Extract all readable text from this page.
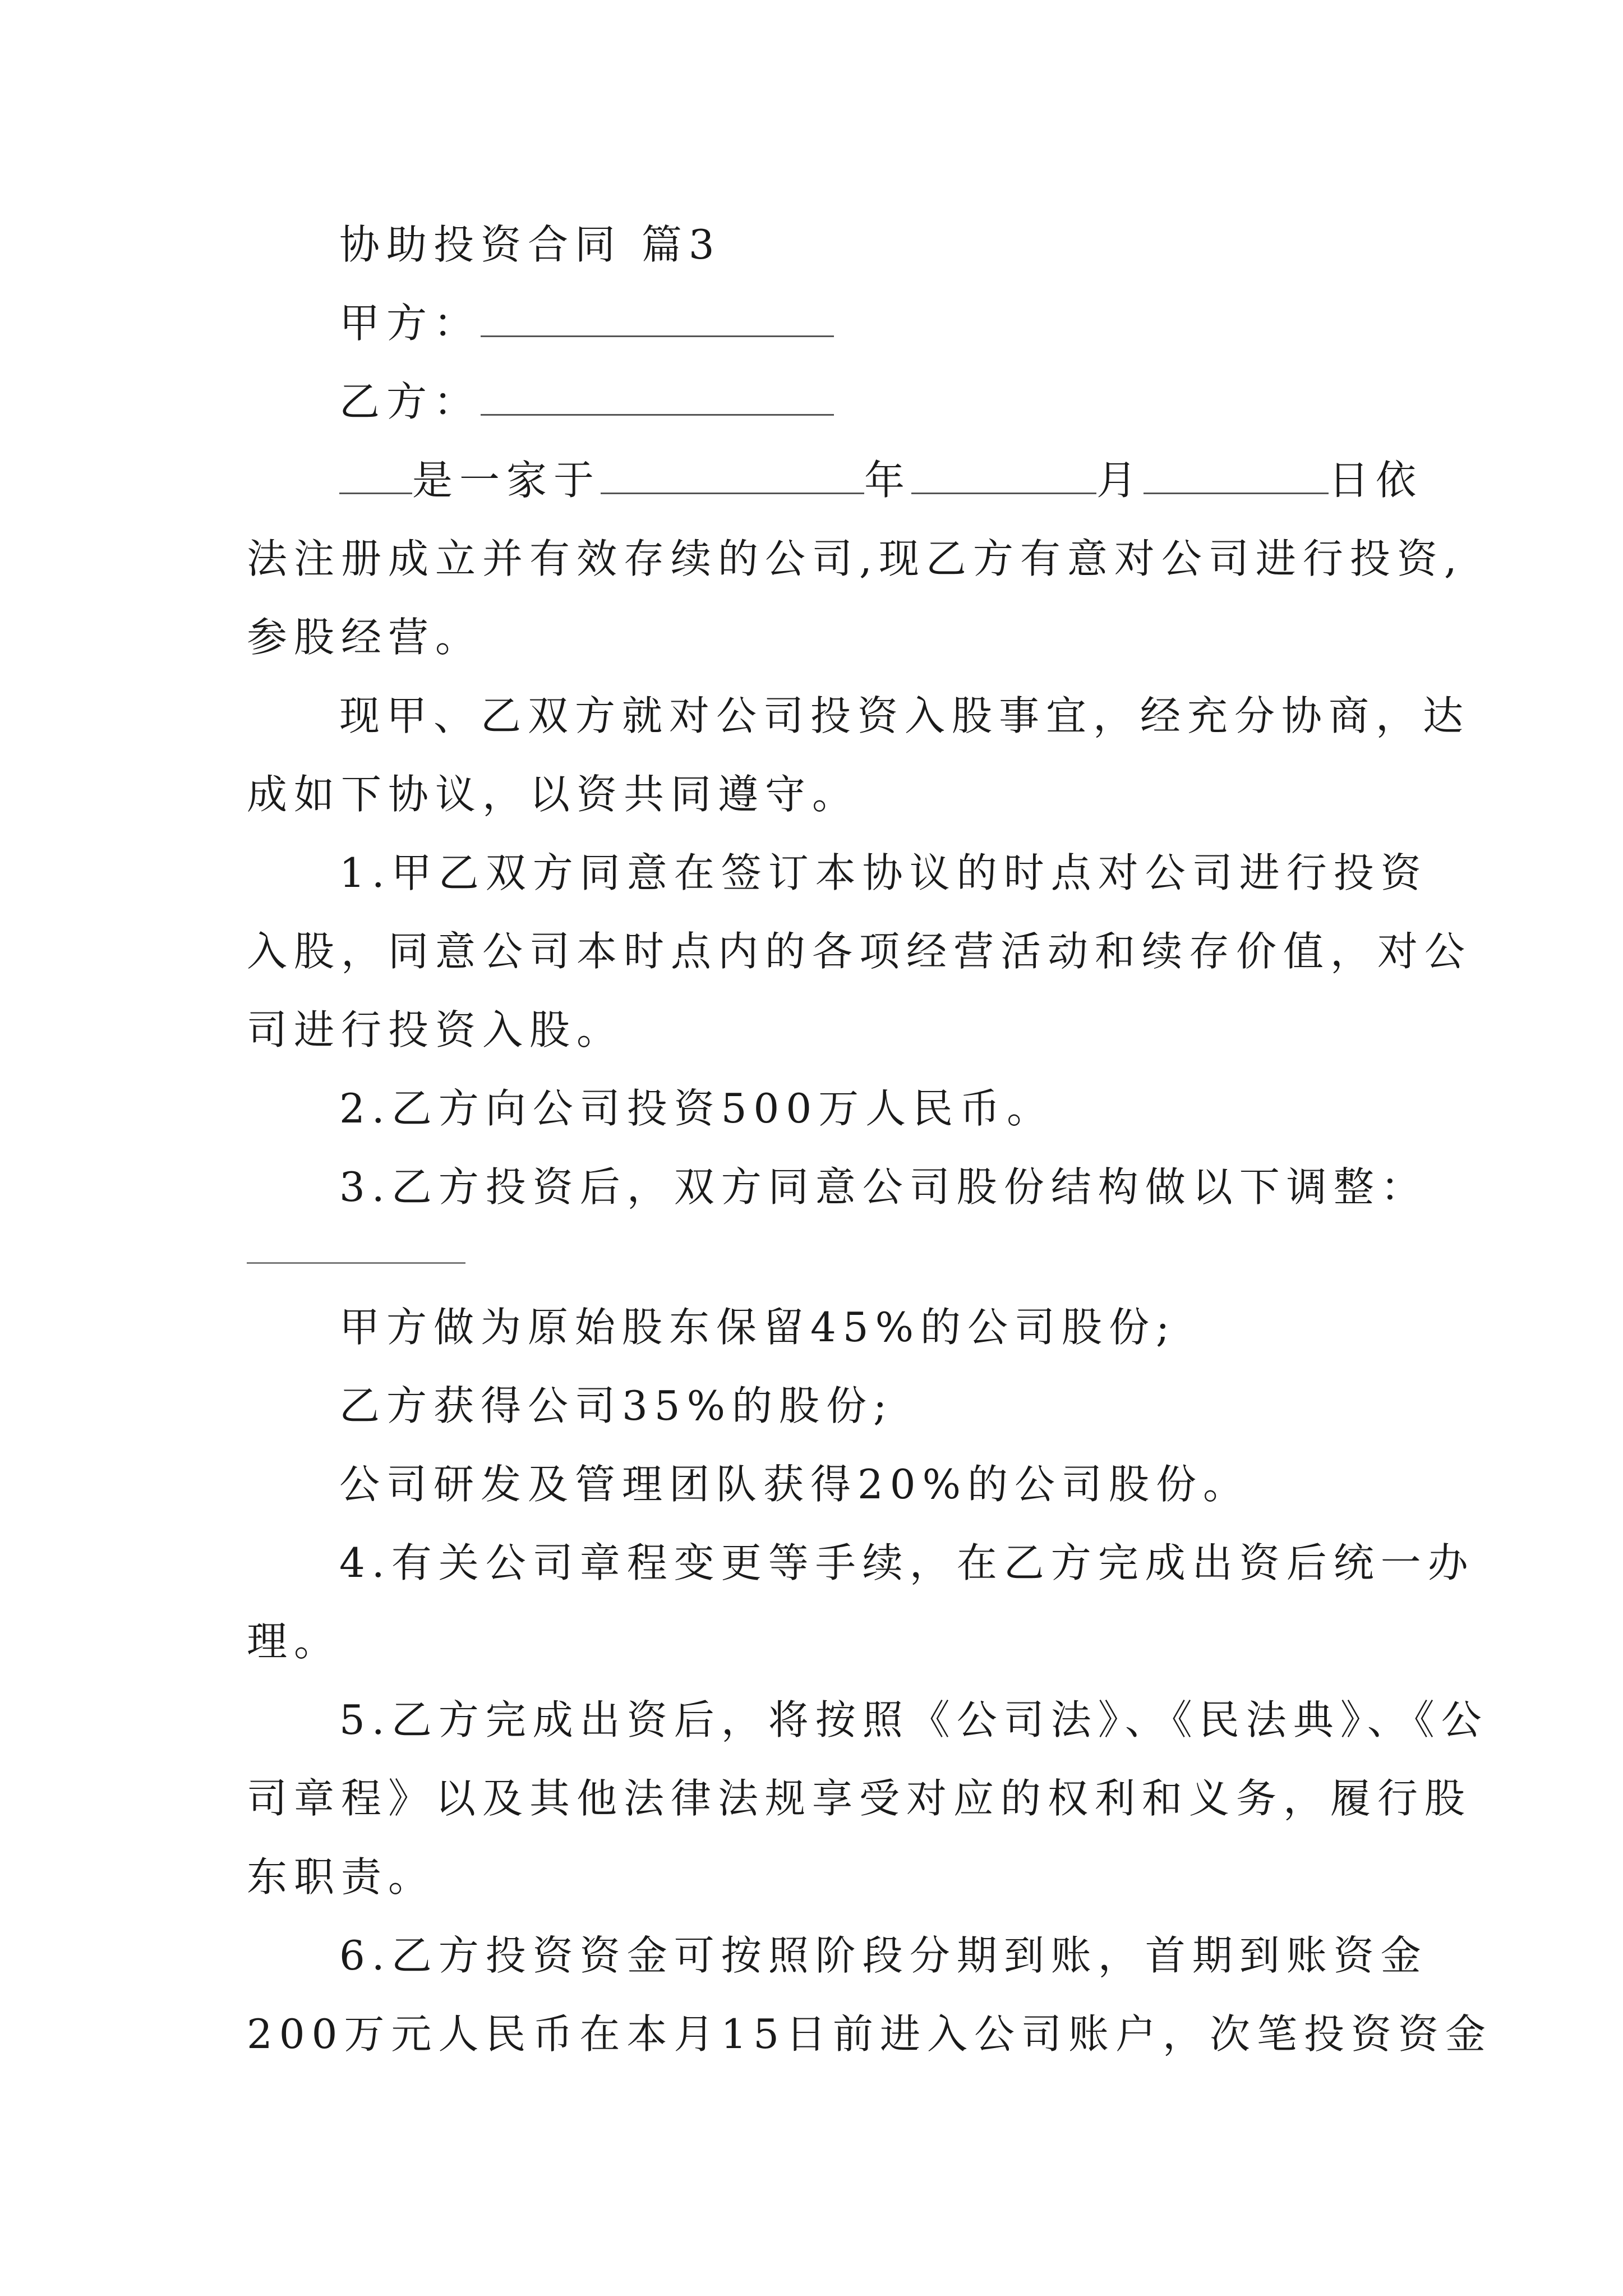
协助投资合同 篇3
甲方：
乙方：
是一家于	年	月	日依
法注册成立并有效存续的公司,现乙方有意对公司进行投资,
参股经营。
现甲、乙双方就对公司投资入股事宜，经充分协商，达
成如下协议，以资共同遵守。
1.甲乙双方同意在签订本协议的时点对公司进行投资
入股，同意公司本时点内的各项经营活动和续存价值，对公
司进行投资入股。
2.乙方向公司投资500万人民币。
3.乙方投资后，双方同意公司股份结构做以下调整：
甲方做为原始股东保留45%的公司股份;
乙方获得公司35%的股份;
公司研发及管理团队获得20%的公司股份。
4.有关公司章程变更等手续，在乙方完成出资后统一办
理。
5.乙方完成出资后，将按照《公司法》、《民法典》、《公
司章程》以及其他法律法规享受对应的权利和义务，履行股
东职责。
6.乙方投资资金可按照阶段分期到账，首期到账资金
200万元人民币在本月15日前进入公司账户，次笔投资资金
